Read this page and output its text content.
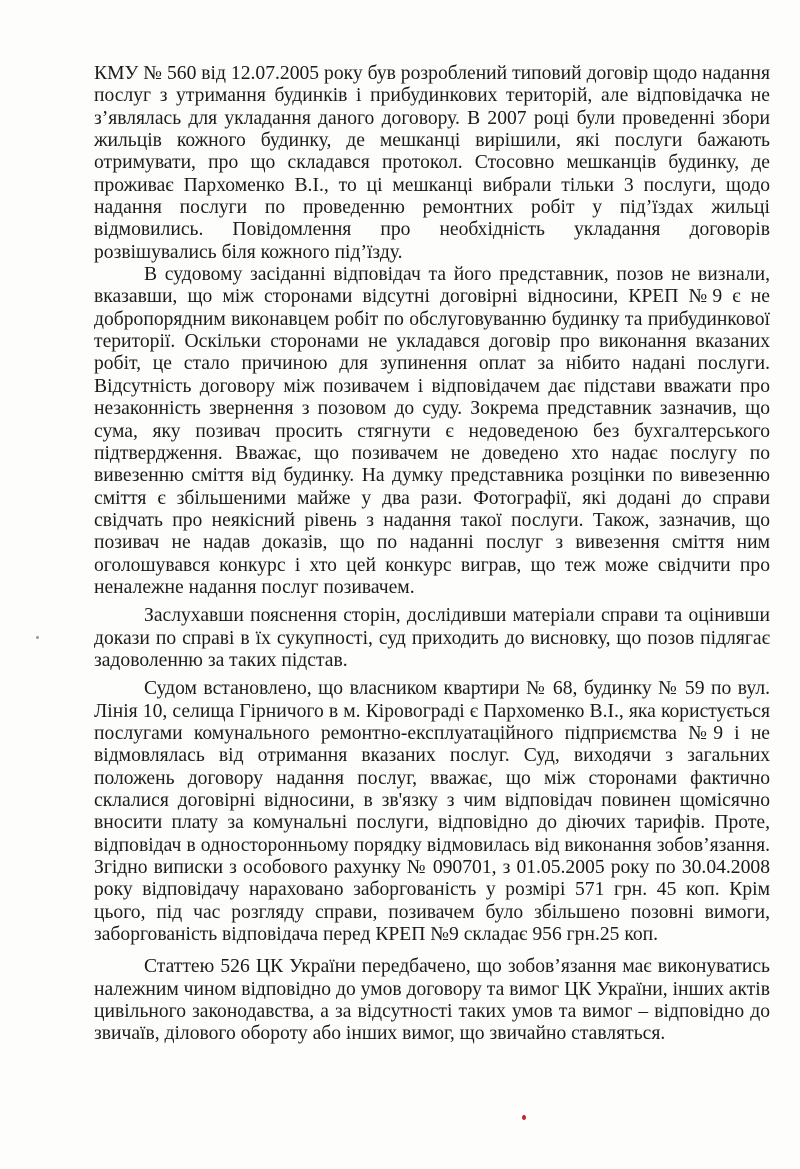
КМУ № 560 від 12.07.2005 року був розроблений типовий договір щодо надання послуг з утримання будинків і прибудинкових територій, але відповідачка не з’являлась для укладання даного договору. В 2007 році були проведенні збори жильців кожного будинку, де мешканці вирішили, які послуги бажають отримувати, про що складався протокол. Стосовно мешканців будинку, де проживає Пархоменко В.І., то ці мешканці вибрали тільки 3 послуги, щодо надання послуги по проведенню ремонтних робіт у під’їздах жильці відмовились. Повідомлення про необхідність укладання договорів розвішувались біля кожного під’їзду.

В судовому засіданні відповідач та його представник, позов не визнали, вказавши, що між сторонами відсутні договірні відносини, КРЕП №9 є не добропорядним виконавцем робіт по обслуговуванню будинку та прибудинкової території. Оскільки сторонами не укладався договір про виконання вказаних робіт, це стало причиною для зупинення оплат за нібито надані послуги. Відсутність договору між позивачем і відповідачем дає підстави вважати про незаконність звернення з позовом до суду. Зокрема представник зазначив, що сума, яку позивач просить стягнути є недоведеною без бухгалтерського підтвердження. Вважає, що позивачем не доведено хто надає послугу по вивезенню сміття від будинку. На думку представника розцінки по вивезенню сміття є збільшеними майже у два рази. Фотографії, які додані до справи свідчать про неякісний рівень з надання такої послуги. Також, зазначив, що позивач не надав доказів, що по наданні послуг з вивезення сміття ним оголошувався конкурс і хто цей конкурс виграв, що теж може свідчити про неналежне надання послуг позивачем.

Заслухавши пояснення сторін, дослідивши матеріали справи та оцінивши докази по справі в їх сукупності, суд приходить до висновку, що позов підлягає задоволенню за таких підстав.

Судом встановлено, що власником квартири № 68, будинку № 59 по вул. Лінія 10, селища Гірничого в м. Кіровограді є Пархоменко В.І., яка користується послугами комунального ремонтно-експлуатаційного підприємства №9 і не відмовлялась від отримання вказаних послуг. Суд, виходячи з загальних положень договору надання послуг, вважає, що між сторонами фактично склалися договірні відносини, в зв'язку з чим відповідач повинен щомісячно вносити плату за комунальні послуги, відповідно до діючих тарифів. Проте, відповідач в односторонньому порядку відмовилась від виконання зобов’язання. Згідно виписки з особового рахунку № 090701, з 01.05.2005 року по 30.04.2008 року відповідачу нараховано заборгованість у розмірі 571 грн. 45 коп. Крім цього, під час розгляду справи, позивачем було збільшено позовні вимоги, заборгованість відповідача перед КРЕП №9 складає 956 грн.25 коп.

Статтею 526 ЦК України передбачено, що зобов’язання має виконуватись належним чином відповідно до умов договору та вимог ЦК України, інших актів цивільного законодавства, а за відсутності таких умов та вимог – відповідно до звичаїв, ділового обороту або інших вимог, що звичайно ставляться.
